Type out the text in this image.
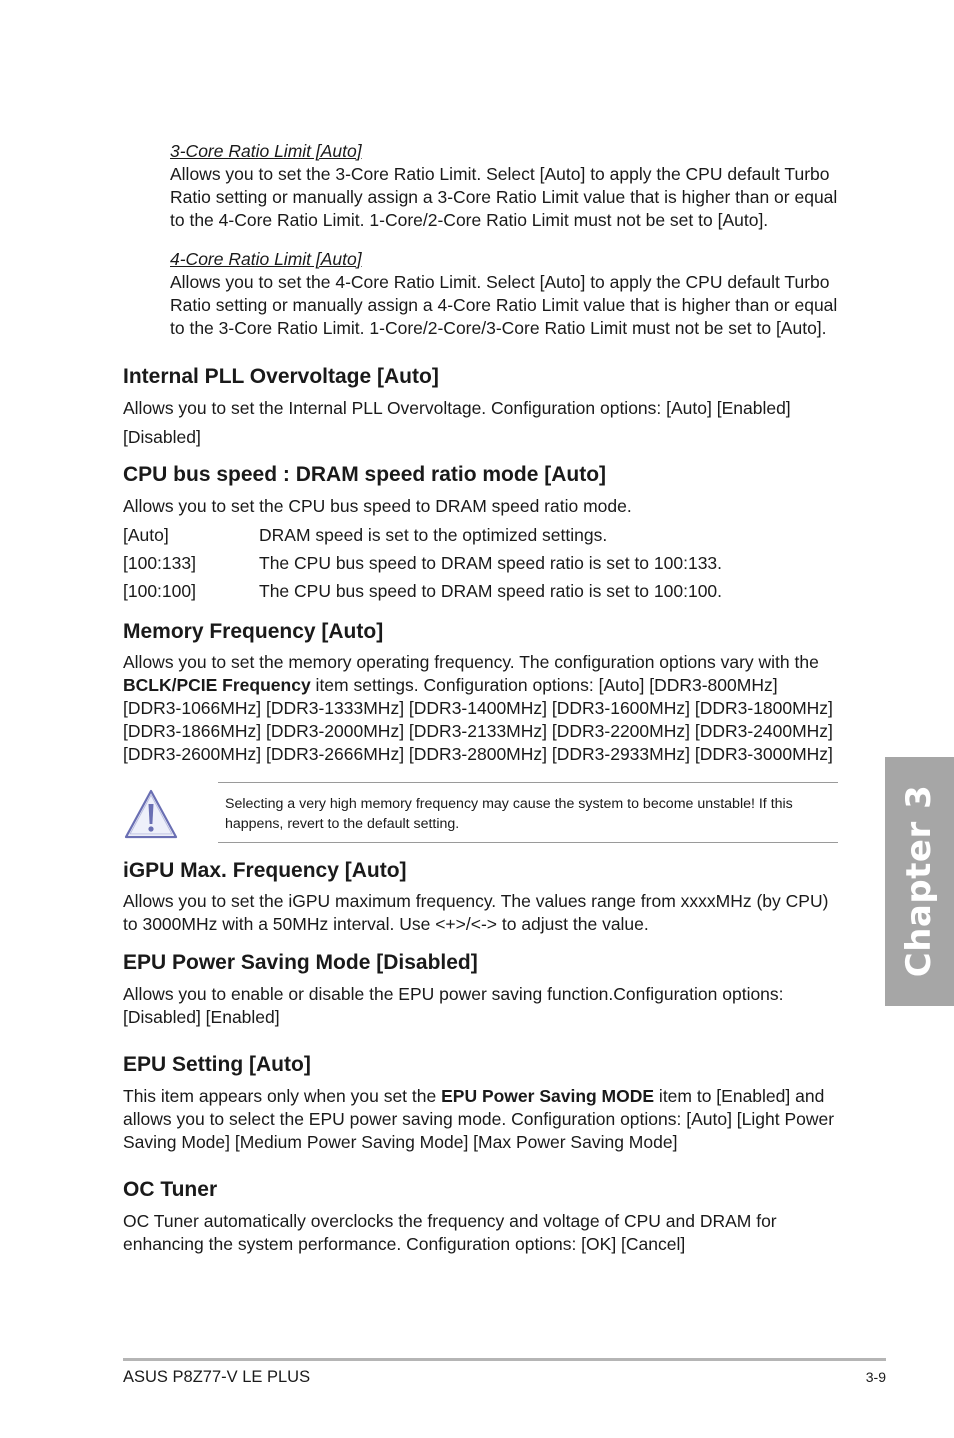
3-Core Ratio Limit [Auto]

Allows you to set the 3-Core Ratio Limit. Select [Auto] to apply the CPU default Turbo Ratio setting or manually assign a 3-Core Ratio Limit value that is higher than or equal to the 4-Core Ratio Limit. 1-Core/2-Core Ratio Limit must not be set to [Auto].

4-Core Ratio Limit [Auto]

Allows you to set the 4-Core Ratio Limit. Select [Auto] to apply the CPU default Turbo Ratio setting or manually assign a 4-Core Ratio Limit value that is higher than or equal to the 3-Core Ratio Limit. 1-Core/2-Core/3-Core Ratio Limit must not be set to [Auto].

Internal PLL Overvoltage [Auto]

Allows you to set the Internal PLL Overvoltage. Configuration options: [Auto] [Enabled]

[Disabled]

CPU bus speed : DRAM speed ratio mode [Auto]

Allows you to set the CPU bus speed to DRAM speed ratio mode.

[Auto]	DRAM speed is set to the optimized settings.
[100:133]	The CPU bus speed to DRAM speed ratio is set to 100:133.
[100:100]	The CPU bus speed to DRAM speed ratio is set to 100:100.
Memory Frequency [Auto]

Allows you to set the memory operating frequency. The configuration options vary with the BCLK/PCIE Frequency item settings. Configuration options: [Auto] [DDR3-800MHz] [DDR3-1066MHz] [DDR3-1333MHz] [DDR3-1400MHz] [DDR3-1600MHz] [DDR3-1800MHz] [DDR3-1866MHz] [DDR3-2000MHz] [DDR3-2133MHz] [DDR3-2200MHz] [DDR3-2400MHz] [DDR3-2600MHz] [DDR3-2666MHz] [DDR3-2800MHz] [DDR3-2933MHz] [DDR3-3000MHz]

Selecting a very high memory frequency may cause the system to become unstable! If this happens, revert to the default setting.

iGPU Max. Frequency [Auto]

Allows you to set the iGPU maximum frequency. The values range from xxxxMHz (by CPU) to 3000MHz with a 50MHz interval. Use <+>/<-> to adjust the value.

EPU Power Saving Mode [Disabled]

Allows you to enable or disable the EPU power saving function.Configuration options: [Disabled] [Enabled]

EPU Setting [Auto]

This item appears only when you set the EPU Power Saving MODE item to [Enabled] and allows you to select the EPU power saving mode. Configuration options: [Auto] [Light Power Saving Mode] [Medium Power Saving Mode] [Max Power Saving Mode]

OC Tuner

OC Tuner automatically overclocks the frequency and voltage of CPU and DRAM for enhancing the system performance. Configuration options: [OK] [Cancel]

Chapter 3
ASUS P8Z77-V LE PLUS	3-9
